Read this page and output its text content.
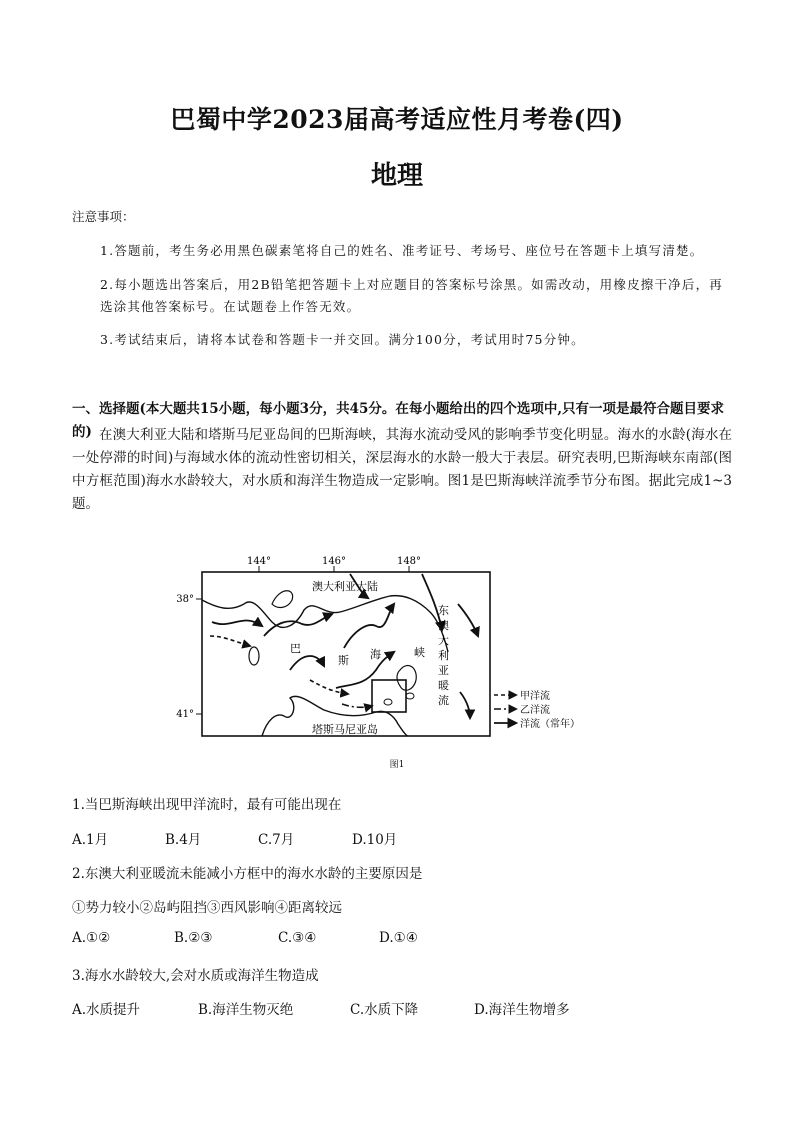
巴蜀中学2023届高考适应性月考卷(四)
地理
注意事项：
1.答题前，考生务必用黑色碳素笔将自己的姓名、准考证号、考场号、座位号在答题卡上填写清楚。
2.每小题选出答案后，用2B铅笔把答题卡上对应题目的答案标号涂黑。如需改动，用橡皮擦干净后，再选涂其他答案标号。在试题卷上作答无效。
3.考试结束后，请将本试卷和答题卡一并交回。满分100分，考试用时75分钟。
一、选择题(本大题共15小题，每小题3分，共45分。在每小题给出的四个选项中,只有一项是最符合题目要求的) 在澳大利亚大陆和塔斯马尼亚岛间的巴斯海峡，其海水流动受风的影响季节变化明显。海水的水龄(海水在一处停滞的时间)与海域水体的流动性密切相关，深层海水的水龄一般大于表层。研究表明,巴斯海峡东南部(图中方框范围)海水水龄较大，对水质和海洋生物造成一定影响。图1是巴斯海峡洋流季节分布图。据此完成1~3题。
144°	146°	148°
38°
41°
澳大利亚大陆
塔斯马尼亚岛
巴
斯 海	峡
东
澳
大
利
亚
暖
流	甲洋流
乙洋流
洋流（常年）
图1
1.当巴斯海峡出现甲洋流时，最有可能出现在
A.1月	B.4月	C.7月	D.10月
2.东澳大利亚暖流未能减小方框中的海水水龄的主要原因是
①势力较小②岛屿阻挡③西风影响④距离较远
A.①②	B.②③	C.③④	D.①④
3.海水水龄较大,会对水质或海洋生物造成
A.水质提升	B.海洋生物灭绝	C.水质下降	D.海洋生物增多
